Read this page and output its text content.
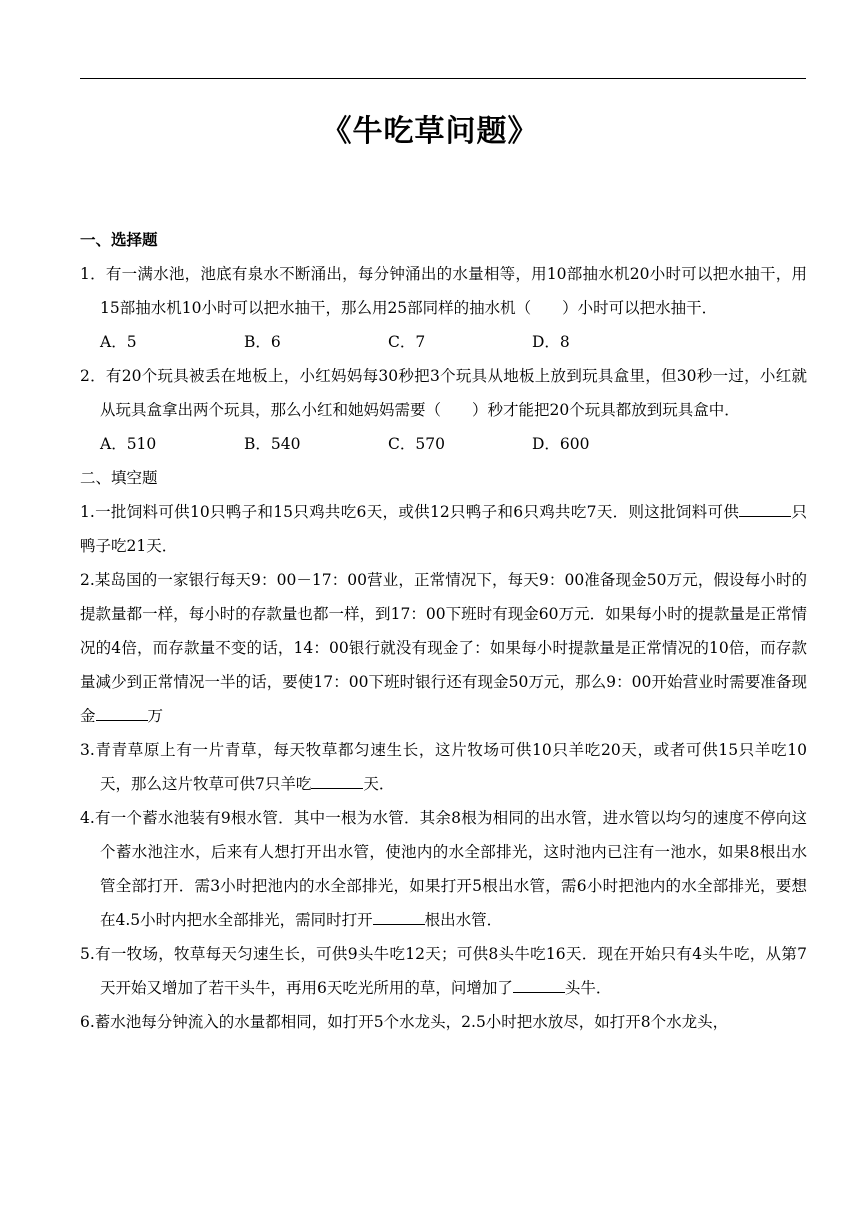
《牛吃草问题》

一、选择题

1．有一满水池，池底有泉水不断涌出，每分钟涌出的水量相等，用10部抽水机20小时可以把水抽干，用15部抽水机10小时可以把水抽干，那么用25部同样的抽水机（　　）小时可以把水抽干．

A．5	B．6	C．7	D．8

2．有20个玩具被丢在地板上，小红妈妈每30秒把3个玩具从地板上放到玩具盒里，但30秒一过，小红就从玩具盒拿出两个玩具，那么小红和她妈妈需要（　　）秒才能把20个玩具都放到玩具盒中．

A．510	B．540	C．570	D．600

二、填空题

1.一批饲料可供10只鸭子和15只鸡共吃6天，或供12只鸭子和6只鸡共吃7天．则这批饲料可供	只鸭子吃21天．

2.某岛国的一家银行每天9：00－17：00营业，正常情况下，每天9：00准备现金50万元，假设每小时的提款量都一样，每小时的存款量也都一样，到17：00下班时有现金60万元．如果每小时的提款量是正常情况的4倍，而存款量不变的话，14：00银行就没有现金了：如果每小时提款量是正常情况的10倍，而存款量减少到正常情况一半的话，要使17：00下班时银行还有现金50万元，那么9：00开始营业时需要准备现金	万

3.青青草原上有一片青草，每天牧草都匀速生长，这片牧场可供10只羊吃20天，或者可供15只羊吃10天，那么这片牧草可供7只羊吃	天．

4.有一个蓄水池装有9根水管．其中一根为水管．其余8根为相同的出水管，进水管以均匀的速度不停向这个蓄水池注水，后来有人想打开出水管，使池内的水全部排光，这时池内已注有一池水，如果8根出水管全部打开．需3小时把池内的水全部排光，如果打开5根出水管，需6小时把池内的水全部排光，要想在4.5小时内把水全部排光，需同时打开	根出水管．

5.有一牧场，牧草每天匀速生长，可供9头牛吃12天；可供8头牛吃16天．现在开始只有4头牛吃，从第7天开始又增加了若干头牛，再用6天吃光所用的草，问增加了	头牛．

6.蓄水池每分钟流入的水量都相同，如打开5个水龙头，2.5小时把水放尽，如打开8个水龙头，
